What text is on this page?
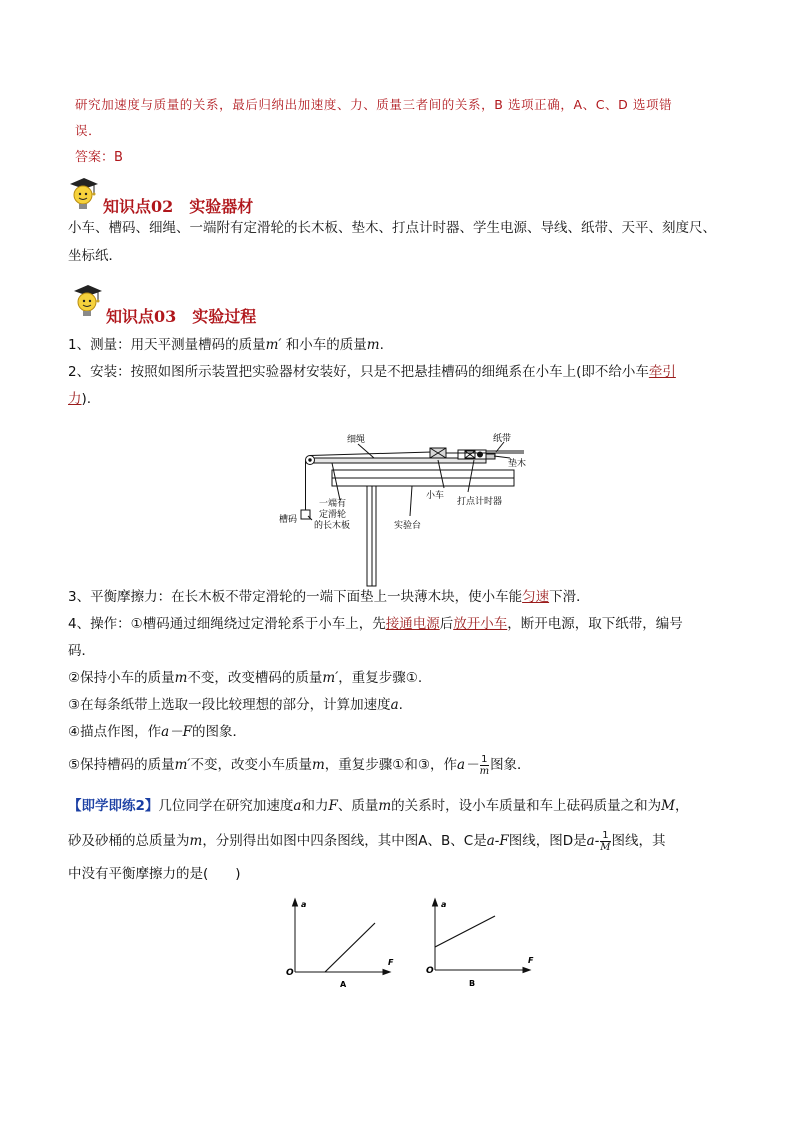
研究加速度与质量的关系，最后归纳出加速度、力、质量三者间的关系，B 选项正确，A、C、D 选项错
误．
答案：B
知识点02 实验器材
小车、槽码、细绳、一端附有定滑轮的长木板、垫木、打点计时器、学生电源、导线、纸带、天平、刻度尺、
坐标纸．
知识点03 实验过程
1、测量：用天平测量槽码的质量m′ 和小车的质量m.
2、安装：按照如图所示装置把实验器材安装好，只是不把悬挂槽码的细绳系在小车上(即不给小车牵引
力).
细绳	纸带
垫木
小车
打点计时器
槽码
一端有
定滑轮
的长木板	实验台
3、平衡摩擦力：在长木板不带定滑轮的一端下面垫上一块薄木块，使小车能匀速下滑．
4、操作：①槽码通过细绳绕过定滑轮系于小车上，先接通电源后放开小车，断开电源，取下纸带，编号
码．
②保持小车的质量m不变，改变槽码的质量m′，重复步骤①.
③在每条纸带上选取一段比较理想的部分，计算加速度a.
④描点作图，作a－F的图象．
⑤保持槽码的质量m′不变，改变小车质量m，重复步骤①和③，作$a- \frac{1}{m}$ 图象．
【即学即练2】几位同学在研究加速度a和力F、质量m的关系时，设小车质量和车上砝码质量之和为M，
砂及砂桶的总质量为m，分别得出如图中四条图线，其中图A、B、C是a-F图线，图D是$a- \frac{1}{M}$ 图线，其
中没有平衡摩擦力的是(　　)
a
F
O
A
a
F
O
B
